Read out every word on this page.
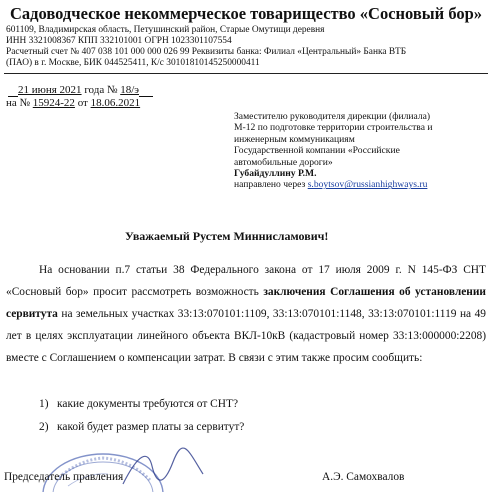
Садоводческое некоммерческое товарищество «Сосновый бор»
601109, Владимирская область, Петушинский район, Старые Омутищи деревня
ИНН 3321008367 КПП 332101001 ОГРН 1023301107554
Расчетный счет № 407 038 101 000 000 026 99 Реквизиты банка: Филиал «Центральный» Банка ВТБ
(ПАО) в г. Москве, БИК 044525411, К/с 30101810145250000411
21 июня 2021 года № 18/э
на № 15924-22 от 18.06.2021
Заместителю руководителя дирекции (филиала)
М-12 по подготовке территории строительства и
инженерным коммуникациям
Государственной компании «Российские
автомобильные дороги»
Губайдуллину Р.М.
направлено через s.boytsov@russianhighways.ru
Уважаемый Рустем Миннисламович!

На основании п.7 статьи 38 Федерального закона от 17 июля 2009 г. N 145-ФЗ СНТ «Сосновый бор» просит рассмотреть возможность заключения Соглашения об установлении сервитута на земельных участках 33:13:070101:1109, 33:13:070101:1148, 33:13:070101:1119 на 49 лет в целях эксплуатации линейного объекта ВКЛ-10кВ (кадастровый номер 33:13:000000:2208) вместе с Соглашением о компенсации затрат. В связи с этим также просим сообщить:

1) какие документы требуются от СНТ?
2) какой будет размер платы за сервитут?
Председатель правления	А.Э. Самохвалов
